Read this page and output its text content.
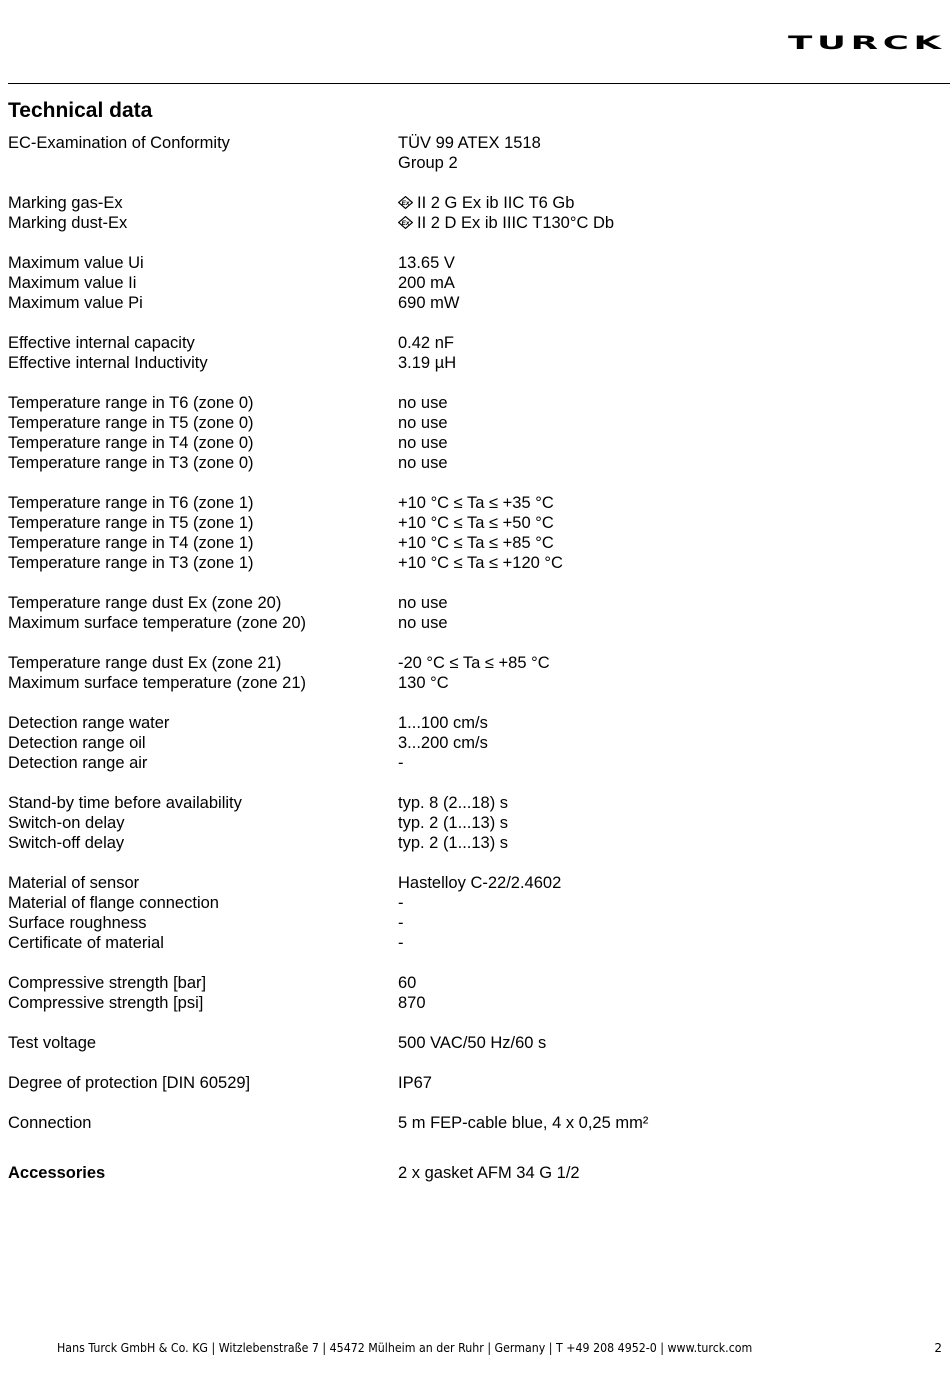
TURCK
Technical data
EC-Examination of Conformity	TÜV 99 ATEX 1518
Group 2
Marking gas-Ex	Ex II 2 G Ex ib IIC T6 Gb
Marking dust-Ex	Ex II 2 D Ex ib IIIC T130°C Db
Maximum value Ui	13.65 V
Maximum value Ii	200 mA
Maximum value Pi	690 mW
Effective internal capacity	0.42 nF
Effective internal Inductivity	3.19 µH
Temperature range in T6 (zone 0)	no use
Temperature range in T5 (zone 0)	no use
Temperature range in T4 (zone 0)	no use
Temperature range in T3 (zone 0)	no use
Temperature range in T6 (zone 1)	+10 °C ≤ Ta ≤ +35 °C
Temperature range in T5 (zone 1)	+10 °C ≤ Ta ≤ +50 °C
Temperature range in T4 (zone 1)	+10 °C ≤ Ta ≤ +85 °C
Temperature range in T3 (zone 1)	+10 °C ≤ Ta ≤ +120 °C
Temperature range dust Ex (zone 20)	no use
Maximum surface temperature (zone 20)	no use
Temperature range dust Ex (zone 21)	-20 °C ≤ Ta ≤ +85 °C
Maximum surface temperature (zone 21)	130 °C
Detection range water	1...100 cm/s
Detection range oil	3...200 cm/s
Detection range air	-
Stand-by time before availability	typ. 8 (2...18) s
Switch-on delay	typ. 2 (1...13) s
Switch-off delay	typ. 2 (1...13) s
Material of sensor	Hastelloy C-22/2.4602
Material of flange connection	-
Surface roughness	-
Certificate of material	-
Compressive strength [bar]	60
Compressive strength [psi]	870
Test voltage	500 VAC/50 Hz/60 s
Degree of protection [DIN 60529]	IP67
Connection	5 m FEP-cable blue, 4 x 0,25 mm²
Accessories	2 x gasket AFM 34 G 1/2
Hans Turck GmbH & Co. KG | Witzlebenstraße 7 | 45472 Mülheim an der Ruhr | Germany | T +49 208 4952-0 | www.turck.com	2
